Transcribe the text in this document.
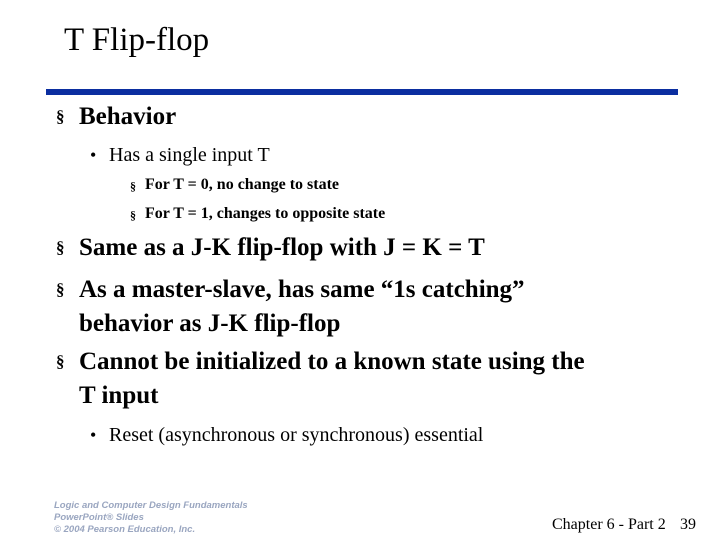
T Flip-flop
§ Behavior
• Has a single input T
§ For T = 0, no change to state
§ For T = 1, changes to opposite state
§ Same as a J-K flip-flop with J = K = T
§ As a master-slave, has same “1s catching”
behavior as J-K flip-flop
§ Cannot be initialized to a known state using the
T input
• Reset (asynchronous or synchronous) essential
Logic and Computer Design Fundamentals
PowerPoint® Slides
© 2004 Pearson Education, Inc.	Chapter 6 - Part 2 39
